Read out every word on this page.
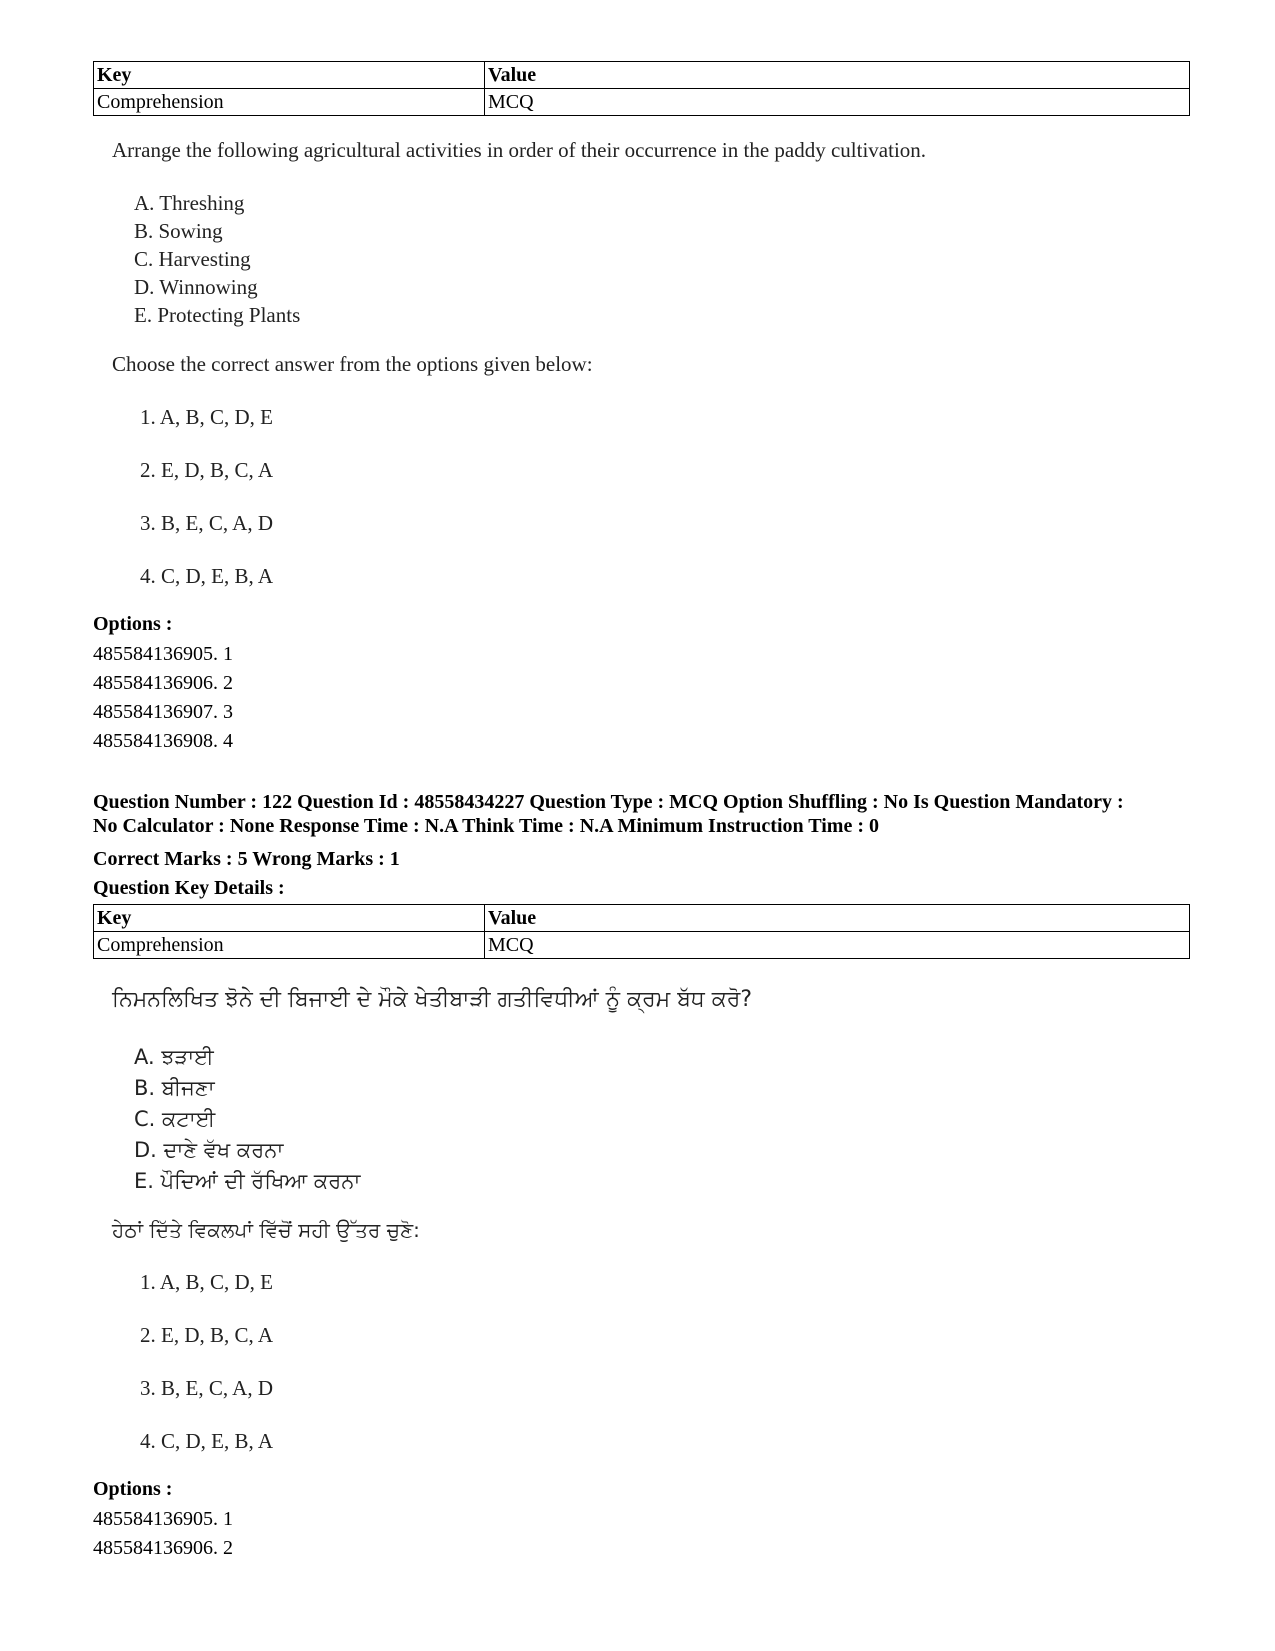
Key	Value
Comprehension	MCQ
Arrange the following agricultural activities in order of their occurrence in the paddy cultivation.
A. Threshing
B. Sowing
C. Harvesting
D. Winnowing
E. Protecting Plants
Choose the correct answer from the options given below:
1. A, B, C, D, E
2. E, D, B, C, A
3. B, E, C, A, D
4. C, D, E, B, A
Options :
485584136905. 1
485584136906. 2
485584136907. 3
485584136908. 4
Question Number : 122 Question Id : 48558434227 Question Type : MCQ Option Shuffling : No Is Question Mandatory :
No Calculator : None Response Time : N.A Think Time : N.A Minimum Instruction Time : 0
Correct Marks : 5 Wrong Marks : 1
Question Key Details :
Key	Value
Comprehension	MCQ
ਨਿਮਨਲਿਖਿਤ ਝੋਨੇ ਦੀ ਬਿਜਾਈ ਦੇ ਮੌਕੇ ਖੇਤੀਬਾੜੀ ਗਤੀਵਿਧੀਆਂ ਨੂੰ ਕ੍ਰਮ ਬੱਧ ਕਰੋ?
A. ਝੜਾਈ
B. ਬੀਜਣਾ
C. ਕਟਾਈ
D. ਦਾਣੇ ਵੱਖ ਕਰਨਾ
E. ਪੌਦਿਆਂ ਦੀ ਰੱਖਿਆ ਕਰਨਾ
ਹੇਠਾਂ ਦਿੱਤੇ ਵਿਕਲਪਾਂ ਵਿੱਚੋਂ ਸਹੀ ਉੱਤਰ ਚੁਣੋ:
1. A, B, C, D, E
2. E, D, B, C, A
3. B, E, C, A, D
4. C, D, E, B, A
Options :
485584136905. 1
485584136906. 2
